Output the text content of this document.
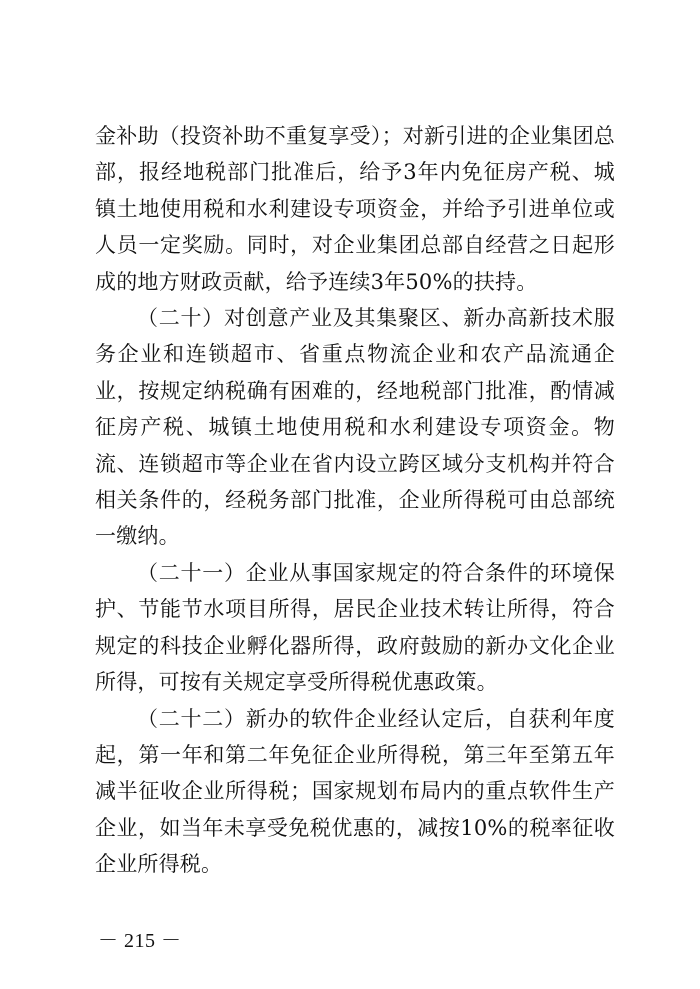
金补助（投资补助不重复享受）；对新引进的企业集团总部，报经地税部门批准后，给予3年内免征房产税、城镇土地使用税和水利建设专项资金，并给予引进单位或人员一定奖励。同时，对企业集团总部自经营之日起形成的地方财政贡献，给予连续3年50%的扶持。

（二十）对创意产业及其集聚区、新办高新技术服务企业和连锁超市、省重点物流企业和农产品流通企业，按规定纳税确有困难的，经地税部门批准，酌情减征房产税、城镇土地使用税和水利建设专项资金。物流、连锁超市等企业在省内设立跨区域分支机构并符合相关条件的，经税务部门批准，企业所得税可由总部统一缴纳。

（二十一）企业从事国家规定的符合条件的环境保护、节能节水项目所得，居民企业技术转让所得，符合规定的科技企业孵化器所得，政府鼓励的新办文化企业所得，可按有关规定享受所得税优惠政策。

（二十二）新办的软件企业经认定后，自获利年度起，第一年和第二年免征企业所得税，第三年至第五年减半征收企业所得税；国家规划布局内的重点软件生产企业，如当年未享受免税优惠的，减按10%的税率征收企业所得税。

－ 215 －
